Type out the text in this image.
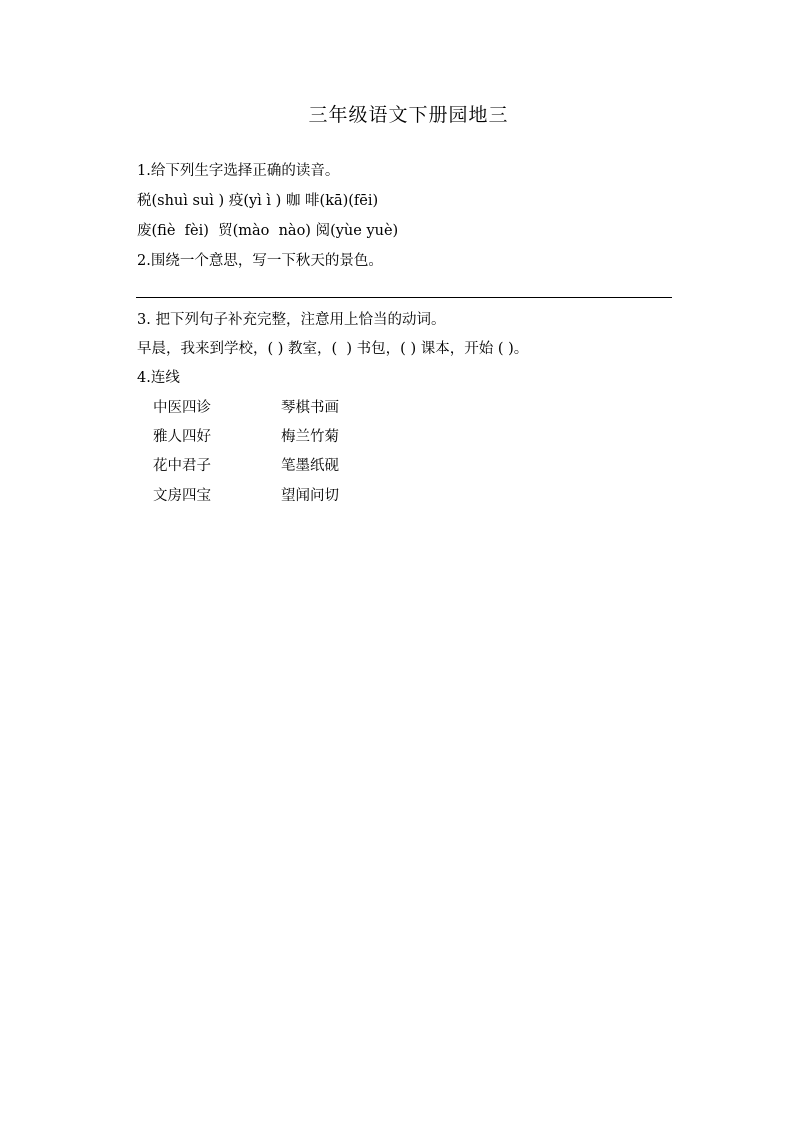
三年级语文下册园地三
1.给下列生字选择正确的读音。
税(shuì suì ) 疫(yì ì ) 咖 啡(kā)(fēi)
废(fiè  fèi)  贸(mào  nào) 阅(yùe yuè)
2.围绕一个意思，写一下秋天的景色。
3. 把下列句子补充完整，注意用上恰当的动词。
早晨，我来到学校，( ) 教室，(  ) 书包，( ) 课本，开始 ( )。
4.连线
中医四诊	琴棋书画
雅人四好	梅兰竹菊
花中君子	笔墨纸砚
文房四宝	望闻问切
